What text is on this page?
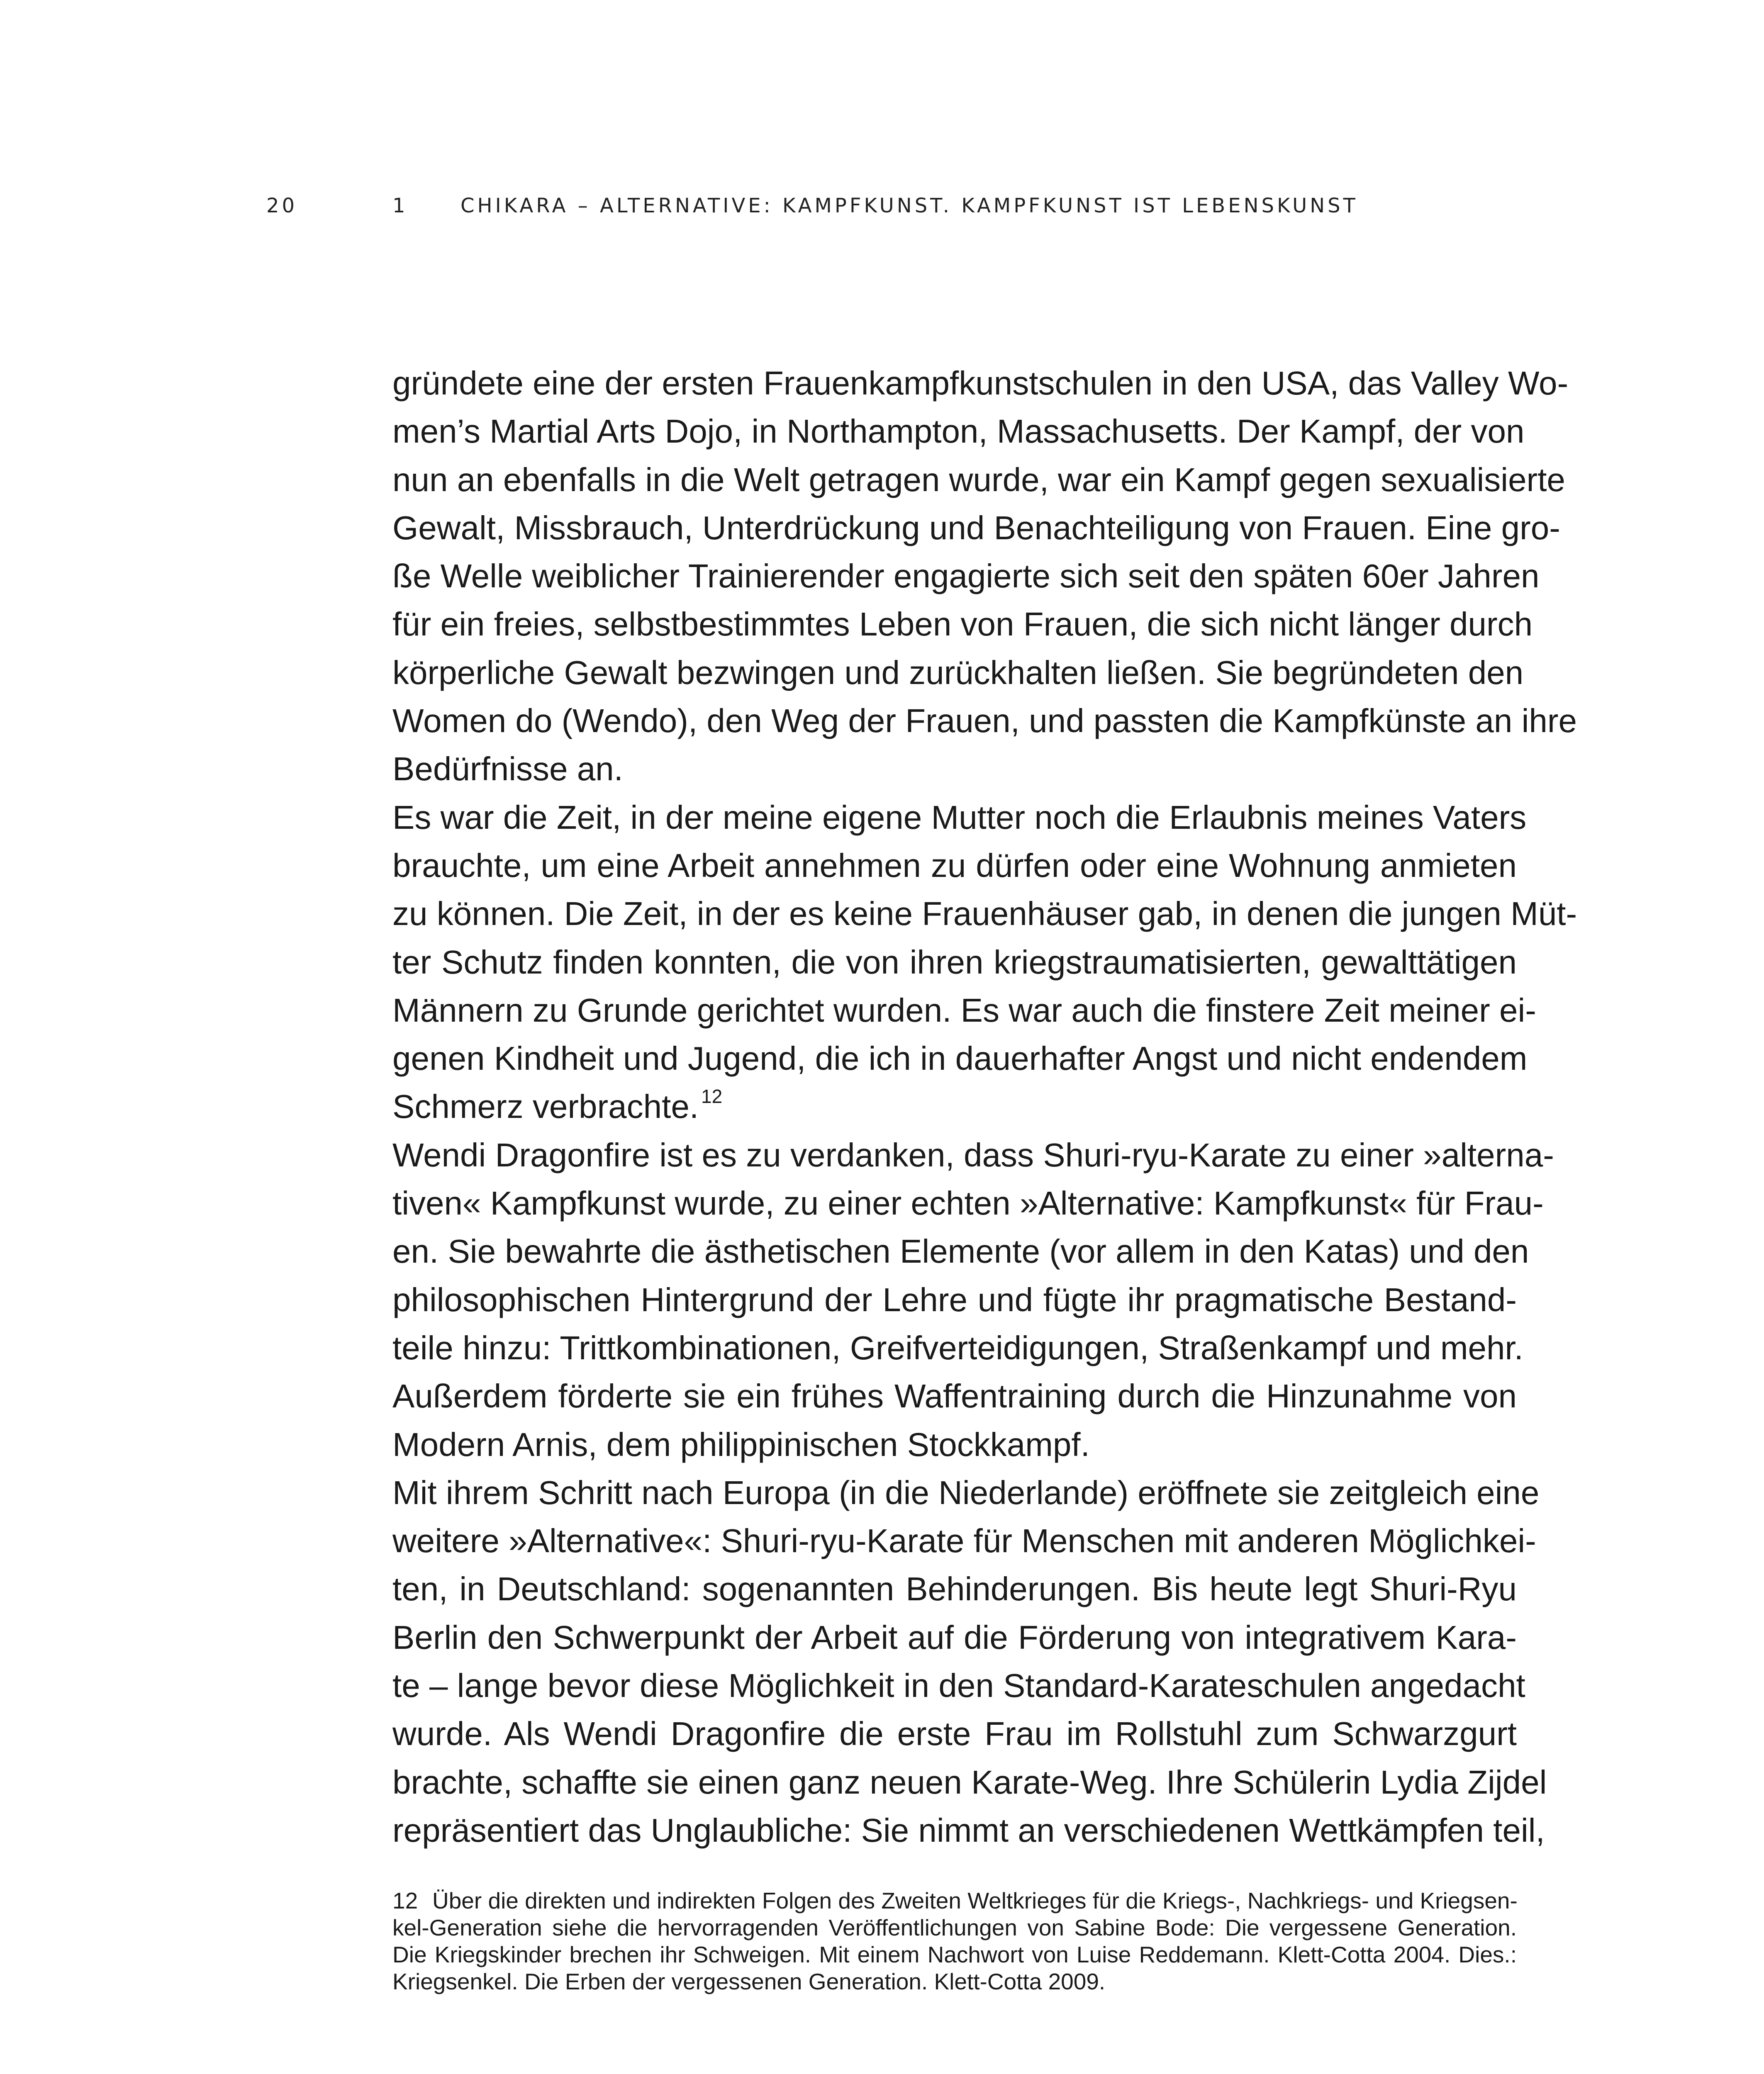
20	1	CHIKARA – ALTERNATIVE: KAMPFKUNST. KAMPFKUNST IST LEBENSKUNST
gründete eine der ersten Frauenkampfkunstschulen in den USA, das Valley Wo-
men’s Martial Arts Dojo, in Northampton, Massachusetts. Der Kampf, der von
nun an ebenfalls in die Welt getragen wurde, war ein Kampf gegen sexualisierte
Gewalt, Missbrauch, Unterdrückung und Benachteiligung von Frauen. Eine gro-
ße Welle weiblicher Trainierender engagierte sich seit den späten 60er Jahren
für ein freies, selbstbestimmtes Leben von Frauen, die sich nicht länger durch
körperliche Gewalt bezwingen und zurückhalten ließen. Sie begründeten den
Women do (Wendo), den Weg der Frauen, und passten die Kampfkünste an ihre
Bedürfnisse an.
Es war die Zeit, in der meine eigene Mutter noch die Erlaubnis meines Vaters
brauchte, um eine Arbeit annehmen zu dürfen oder eine Wohnung anmieten
zu können. Die Zeit, in der es keine Frauenhäuser gab, in denen die jungen Müt-
ter Schutz finden konnten, die von ihren kriegstraumatisierten, gewalttätigen
Männern zu Grunde gerichtet wurden. Es war auch die finstere Zeit meiner ei-
genen Kindheit und Jugend, die ich in dauerhafter Angst und nicht endendem
Schmerz verbrachte. $^{12}$
Wendi Dragonfire ist es zu verdanken, dass Shuri-ryu-Karate zu einer »alterna-
tiven« Kampfkunst wurde, zu einer echten »Alternative: Kampfkunst« für Frau-
en. Sie bewahrte die ästhetischen Elemente (vor allem in den Katas) und den
philosophischen Hintergrund der Lehre und fügte ihr pragmatische Bestand-
teile hinzu: Trittkombinationen, Greifverteidigungen, Straßenkampf und mehr.
Außerdem förderte sie ein frühes Waffentraining durch die Hinzunahme von
Modern Arnis, dem philippinischen Stockkampf.
Mit ihrem Schritt nach Europa (in die Niederlande) eröffnete sie zeitgleich eine
weitere »Alternative«: Shuri-ryu-Karate für Menschen mit anderen Möglichkei-
ten, in Deutschland: sogenannten Behinderungen. Bis heute legt Shuri-Ryu
Berlin den Schwerpunkt der Arbeit auf die Förderung von integrativem Kara-
te – lange bevor diese Möglichkeit in den Standard-Karateschulen angedacht
wurde. Als Wendi Dragonfire die erste Frau im Rollstuhl zum Schwarzgurt
brachte, schaffte sie einen ganz neuen Karate-Weg. Ihre Schülerin Lydia Zijdel
repräsentiert das Unglaubliche: Sie nimmt an verschiedenen Wettkämpfen teil,
12 Über die direkten und indirekten Folgen des Zweiten Weltkrieges für die Kriegs-, Nachkriegs- und Kriegsen-
kel-Generation siehe die hervorragenden Veröffentlichungen von Sabine Bode: Die vergessene Generation.
Die Kriegskinder brechen ihr Schweigen. Mit einem Nachwort von Luise Reddemann. Klett-Cotta 2004. Dies.:
Kriegsenkel. Die Erben der vergessenen Generation. Klett-Cotta 2009.
